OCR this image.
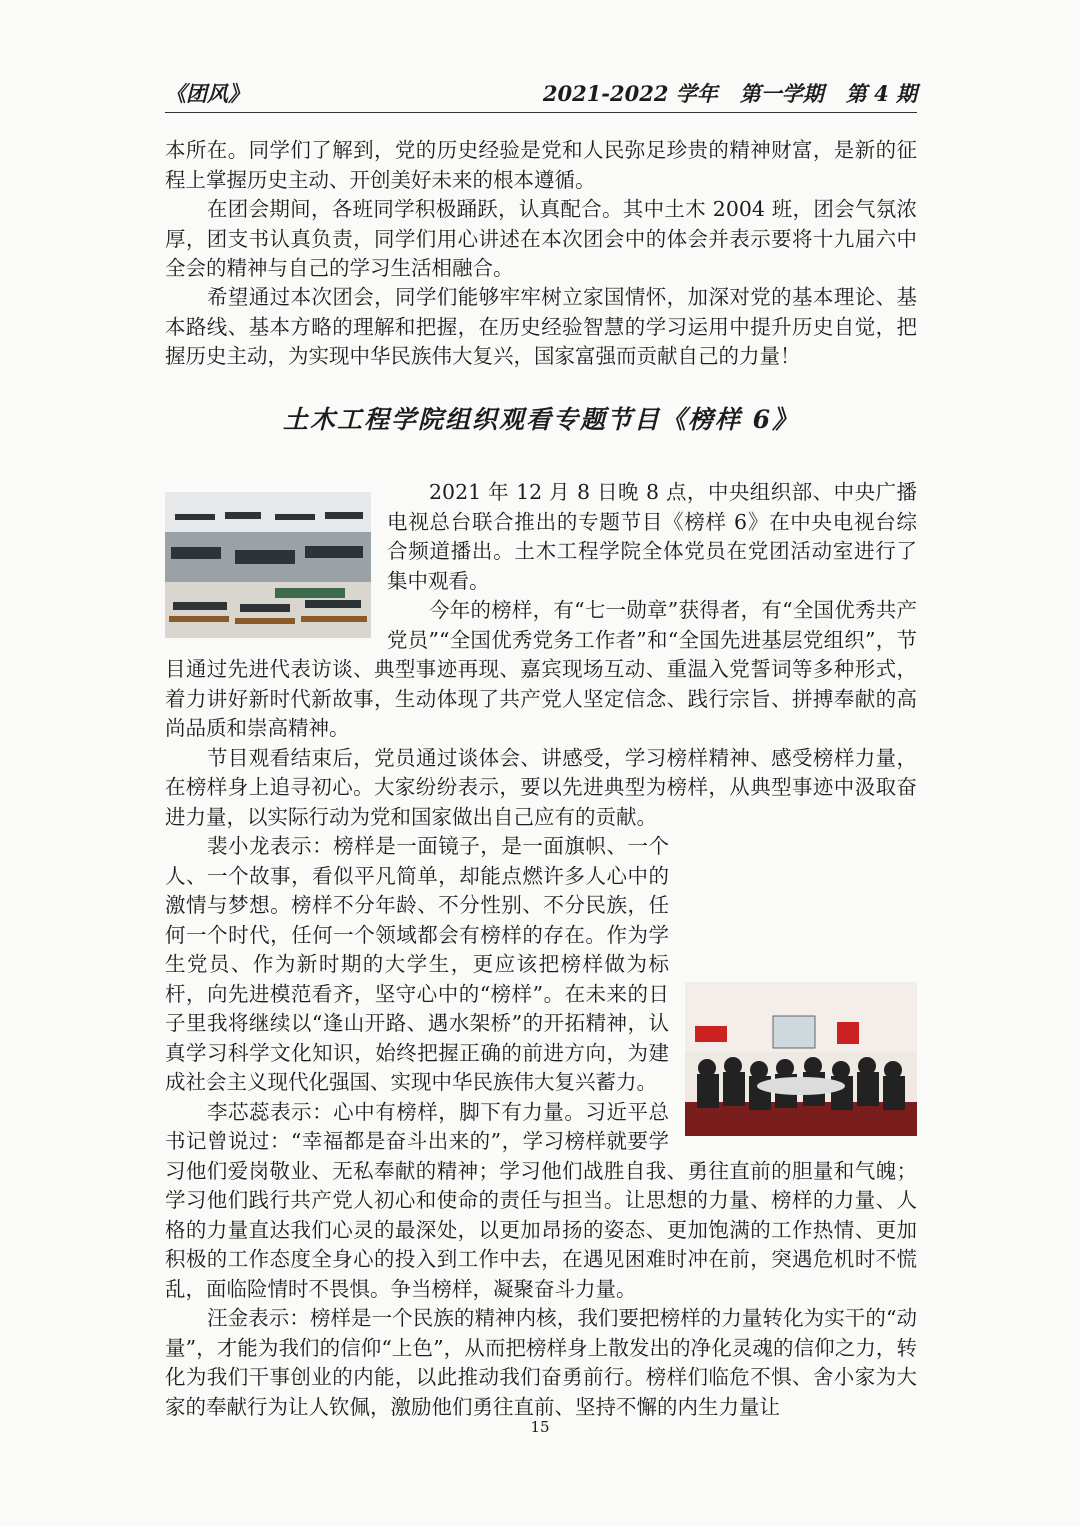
《团风》	2021-2022 学年 第一学期 第 4 期

本所在。同学们了解到，党的历史经验是党和人民弥足珍贵的精神财富，是新的征程上掌握历史主动、开创美好未来的根本遵循。

在团会期间，各班同学积极踊跃，认真配合。其中土木 2004 班，团会气氛浓厚，团支书认真负责，同学们用心讲述在本次团会中的体会并表示要将十九届六中全会的精神与自己的学习生活相融合。

希望通过本次团会，同学们能够牢牢树立家国情怀，加深对党的基本理论、基本路线、基本方略的理解和把握，在历史经验智慧的学习运用中提升历史自觉，把握历史主动，为实现中华民族伟大复兴，国家富强而贡献自己的力量！

土木工程学院组织观看专题节目《榜样 6》

2021 年 12 月 8 日晚 8 点，中央组织部、中央广播电视总台联合推出的专题节目《榜样 6》在中央电视台综合频道播出。土木工程学院全体党员在党团活动室进行了集中观看。

今年的榜样，有“七一勋章”获得者，有“全国优秀共产党员”“全国优秀党务工作者”和“全国先进基层党组织”，节目通过先进代表访谈、典型事迹再现、嘉宾现场互动、重温入党誓词等多种形式，着力讲好新时代新故事，生动体现了共产党人坚定信念、践行宗旨、拼搏奉献的高尚品质和崇高精神。

节目观看结束后，党员通过谈体会、讲感受，学习榜样精神、感受榜样力量，在榜样身上追寻初心。大家纷纷表示，要以先进典型为榜样，从典型事迹中汲取奋进力量，以实际行动为党和国家做出自己应有的贡献。

裴小龙表示：榜样是一面镜子，是一面旗帜、一个人、一个故事，看似平凡简单，却能点燃许多人心中的激情与梦想。榜样不分年龄、不分性别、不分民族，任何一个时代，任何一个领域都会有榜样的存在。作为学生党员、作为新时期的大学生，更应该把榜样做为标杆，向先进模范看齐，坚守心中的“榜样”。在未来的日子里我将继续以“逢山开路、遇水架桥”的开拓精神，认真学习科学文化知识，始终把握正确的前进方向，为建成社会主义现代化强国、实现中华民族伟大复兴蓄力。

李芯蕊表示：心中有榜样，脚下有力量。习近平总书记曾说过：“幸福都是奋斗出来的”，学习榜样就要学习他们爱岗敬业、无私奉献的精神；学习他们战胜自我、勇往直前的胆量和气魄；学习他们践行共产党人初心和使命的责任与担当。让思想的力量、榜样的力量、人格的力量直达我们心灵的最深处，以更加昂扬的姿态、更加饱满的工作热情、更加积极的工作态度全身心的投入到工作中去，在遇见困难时冲在前，突遇危机时不慌乱，面临险情时不畏惧。争当榜样，凝聚奋斗力量。

汪金表示：榜样是一个民族的精神内核，我们要把榜样的力量转化为实干的“动量”，才能为我们的信仰“上色”，从而把榜样身上散发出的净化灵魂的信仰之力，转化为我们干事创业的内能，以此推动我们奋勇前行。榜样们临危不惧、舍小家为大家的奉献行为让人钦佩，激励他们勇往直前、坚持不懈的内生力量让

15
